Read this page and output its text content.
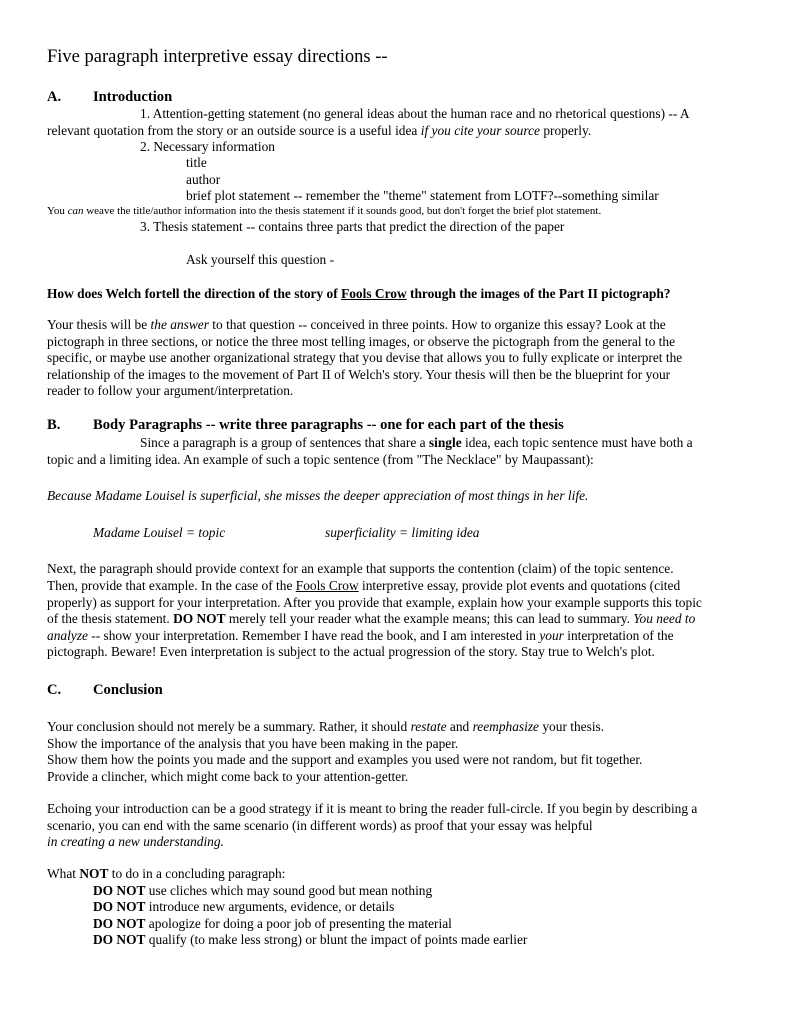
Five paragraph interpretive essay directions --
A. Introduction
1. Attention-getting statement (no general ideas about the human race and no rhetorical questions) -- A
relevant quotation from the story or an outside source is a useful idea if you cite your source properly.
2. Necessary information
title
author
brief plot statement -- remember the "theme" statement from LOTF?--something similar
You can weave the title/author information into the thesis statement if it sounds good, but don't forget the brief plot statement.
3. Thesis statement -- contains three parts that predict the direction of the paper
Ask yourself this question -
How does Welch fortell the direction of the story of Fools Crow through the images of the Part II pictograph?
Your thesis will be the answer to that question -- conceived in three points. How to organize this essay? Look at the
pictograph in three sections, or notice the three most telling images, or observe the pictograph from the general to the
specific, or maybe use another organizational strategy that you devise that allows you to fully explicate or interpret the
relationship of the images to the movement of Part II of Welch's story. Your thesis will then be the blueprint for your
reader to follow your argument/interpretation.
B. Body Paragraphs -- write three paragraphs -- one for each part of the thesis
Since a paragraph is a group of sentences that share a single idea, each topic sentence must have both a
topic and a limiting idea. An example of such a topic sentence (from "The Necklace" by Maupassant):
Because Madame Louisel is superficial, she misses the deeper appreciation of most things in her life.
Madame Louisel = topic	superficiality = limiting idea
Next, the paragraph should provide context for an example that supports the contention (claim) of the topic sentence.
Then, provide that example. In the case of the Fools Crow interpretive essay, provide plot events and quotations (cited
properly) as support for your interpretation. After you provide that example, explain how your example supports this topic
of the thesis statement. DO NOT merely tell your reader what the example means; this can lead to summary. You need to
analyze -- show your interpretation. Remember I have read the book, and I am interested in your interpretation of the
pictograph. Beware! Even interpretation is subject to the actual progression of the story. Stay true to Welch's plot.
C. Conclusion
Your conclusion should not merely be a summary. Rather, it should restate and reemphasize your thesis.
Show the importance of the analysis that you have been making in the paper.
Show them how the points you made and the support and examples you used were not random, but fit together.
Provide a clincher, which might come back to your attention-getter.
Echoing your introduction can be a good strategy if it is meant to bring the reader full-circle. If you begin by describing a
scenario, you can end with the same scenario (in different words) as proof that your essay was helpful
in creating a new understanding.
What NOT to do in a concluding paragraph:
DO NOT use cliches which may sound good but mean nothing
DO NOT introduce new arguments, evidence, or details
DO NOT apologize for doing a poor job of presenting the material
DO NOT qualify (to make less strong) or blunt the impact of points made earlier
